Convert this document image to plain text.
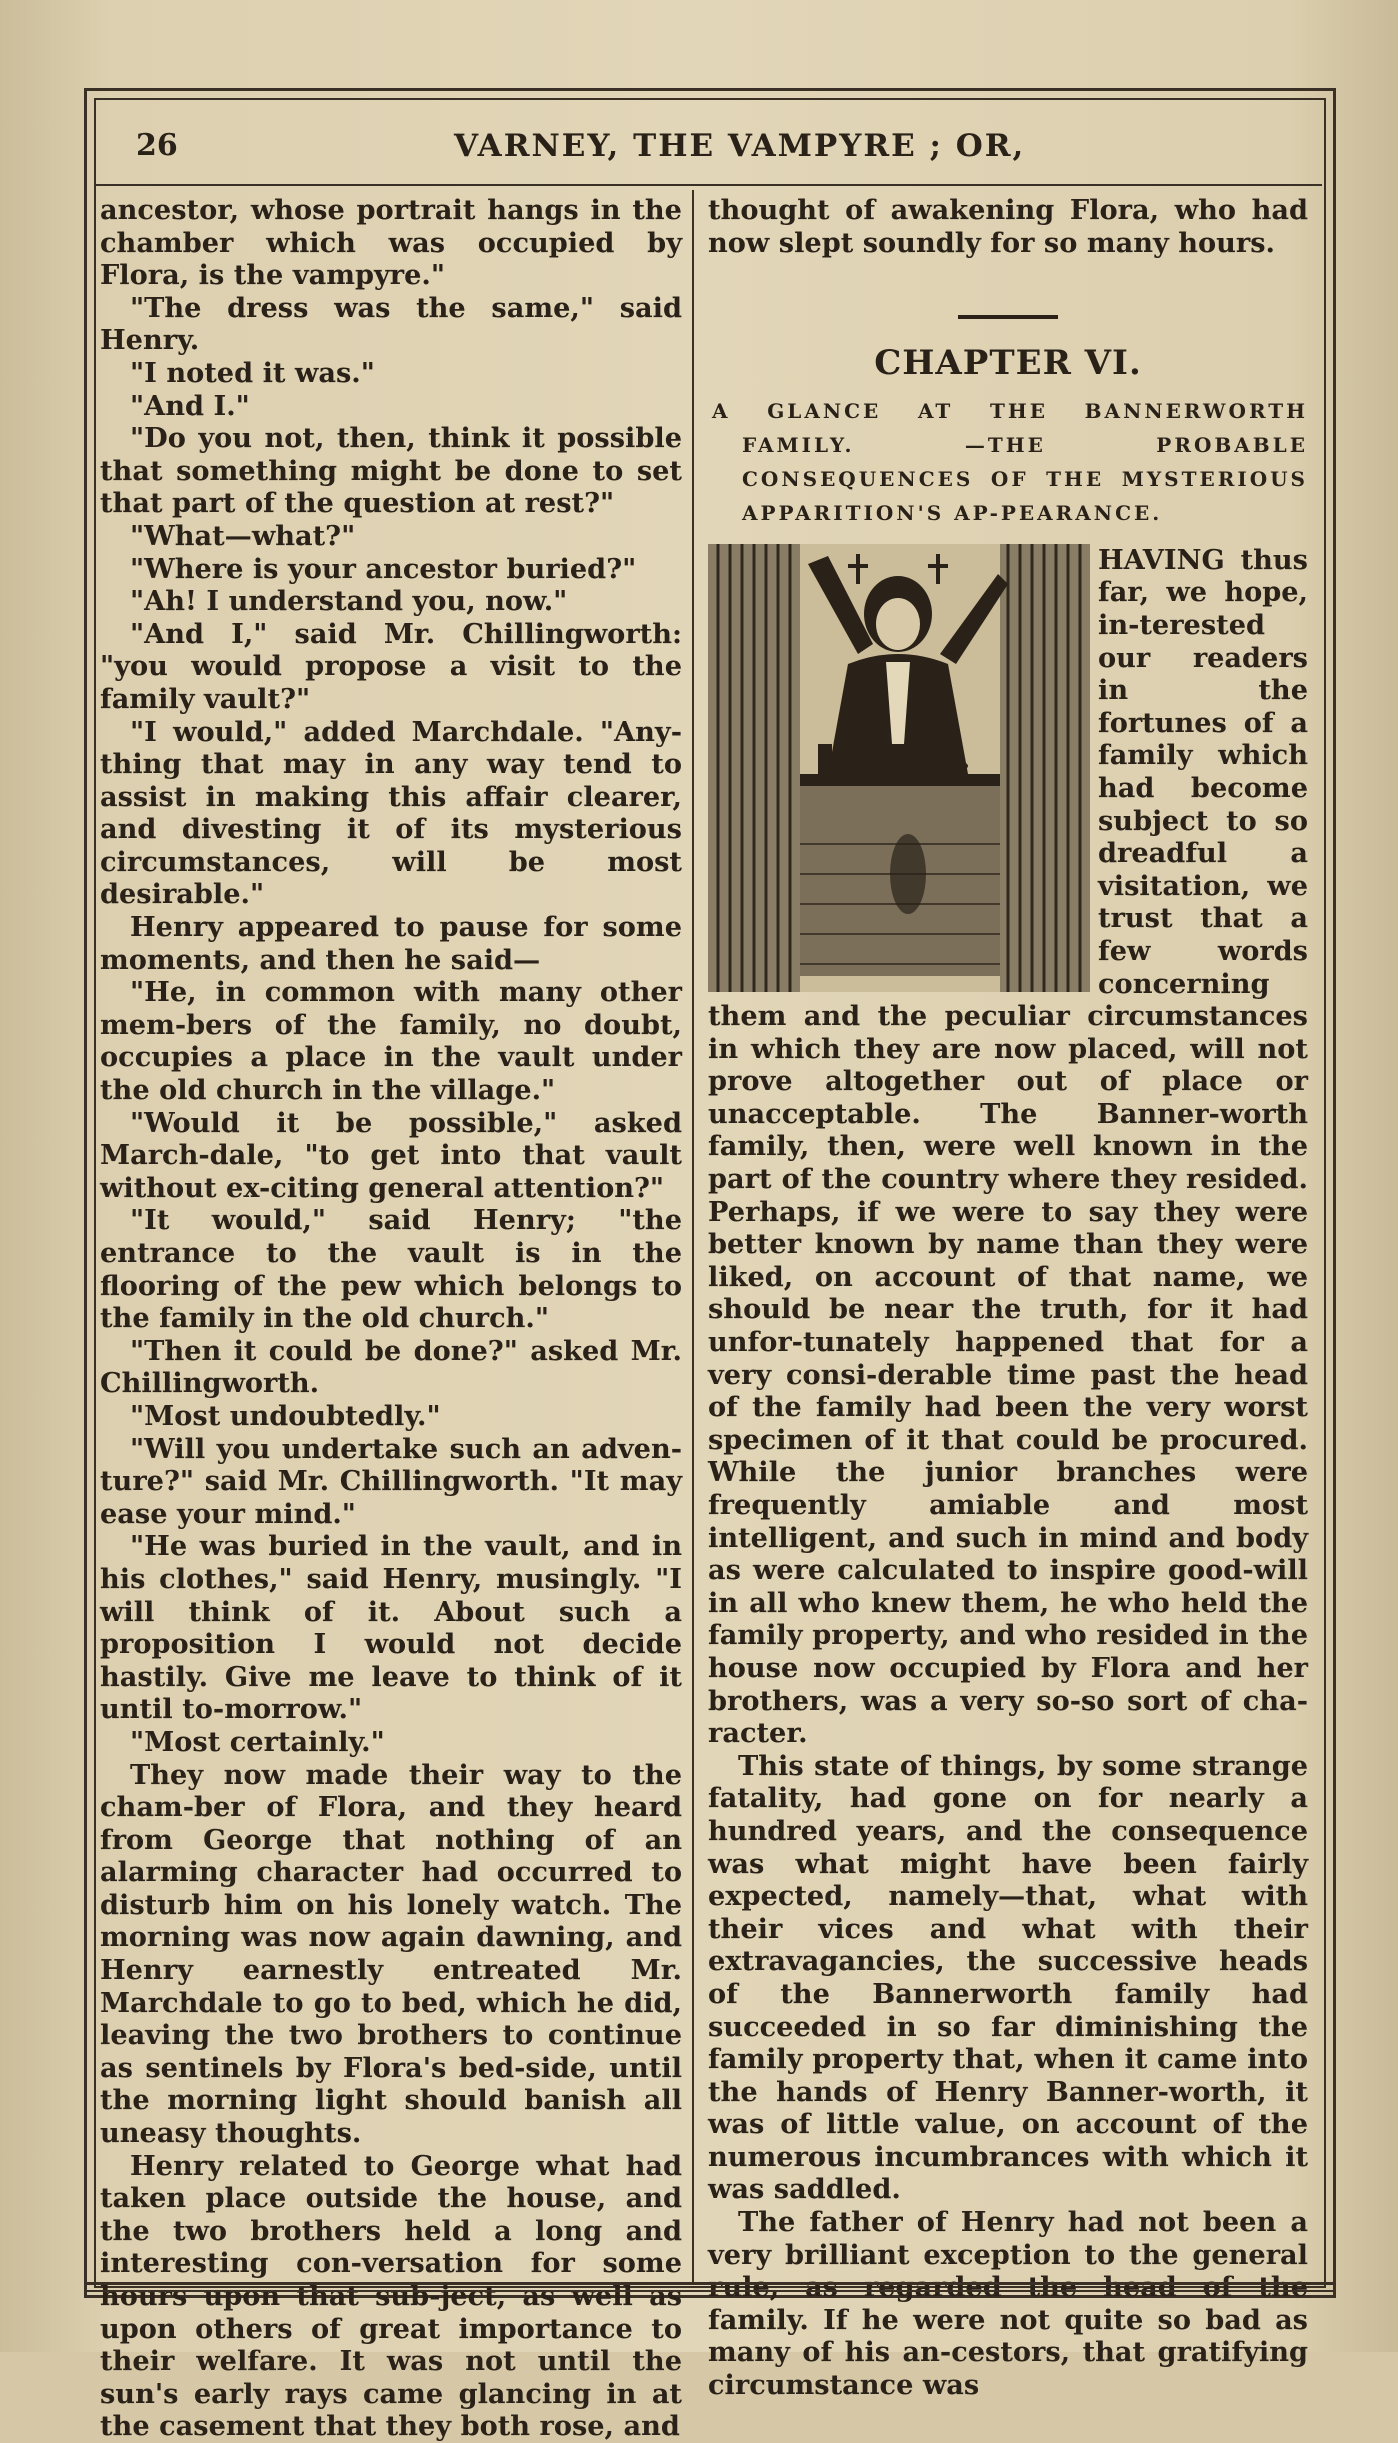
26	VARNEY, THE VAMPYRE ; OR,

ancestor, whose portrait hangs in the chamber which was occupied by Flora, is the vampyre."

"The dress was the same," said Henry.

"I noted it was."

"And I."

"Do you not, then, think it possible that something might be done to set that part of the question at rest?"

"What—what?"

"Where is your ancestor buried?"

"Ah! I understand you, now."

"And I," said Mr. Chillingworth: "you would propose a visit to the family vault?"

"I would," added Marchdale. "Any-thing that may in any way tend to assist in making this affair clearer, and divesting it of its mysterious circumstances, will be most desirable."

Henry appeared to pause for some moments, and then he said—

"He, in common with many other mem-bers of the family, no doubt, occupies a place in the vault under the old church in the village."

"Would it be possible," asked March-dale, "to get into that vault without ex-citing general attention?"

"It would," said Henry; "the entrance to the vault is in the flooring of the pew which belongs to the family in the old church."

"Then it could be done?" asked Mr. Chillingworth.

"Most undoubtedly."

"Will you undertake such an adven-ture?" said Mr. Chillingworth. "It may ease your mind."

"He was buried in the vault, and in his clothes," said Henry, musingly. "I will think of it. About such a proposition I would not decide hastily. Give me leave to think of it until to-morrow."

"Most certainly."

They now made their way to the cham-ber of Flora, and they heard from George that nothing of an alarming character had occurred to disturb him on his lonely watch. The morning was now again dawning, and Henry earnestly entreated Mr. Marchdale to go to bed, which he did, leaving the two brothers to continue as sentinels by Flora's bed-side, until the morning light should banish all uneasy thoughts.

Henry related to George what had taken place outside the house, and the two brothers held a long and interesting con-versation for some hours upon that sub-ject, as well as upon others of great importance to their welfare. It was not until the sun's early rays came glancing in at the casement that they both rose, and

thought of awakening Flora, who had now slept soundly for so many hours.

CHAPTER VI.
A GLANCE AT THE BANNERWORTH FAMILY. —THE PROBABLE CONSEQUENCES OF THE MYSTERIOUS APPARITION'S AP-PEARANCE.

HAVING thus far, we hope, in-terested our readers in the fortunes of a family which had become subject to so dreadful a visitation, we trust that a few words concerning them and the peculiar circumstances in which they are now placed, will not prove altogether out of place or unacceptable. The Banner-worth family, then, were well known in the part of the country where they resided. Perhaps, if we were to say they were better known by name than they were liked, on account of that name, we should be near the truth, for it had unfor-tunately happened that for a very consi-derable time past the head of the family had been the very worst specimen of it that could be procured. While the junior branches were frequently amiable and most intelligent, and such in mind and body as were calculated to inspire good-will in all who knew them, he who held the family property, and who resided in the house now occupied by Flora and her brothers, was a very so-so sort of cha-racter.

This state of things, by some strange fatality, had gone on for nearly a hundred years, and the consequence was what might have been fairly expected, namely—that, what with their vices and what with their extravagancies, the successive heads of the Bannerworth family had succeeded in so far diminishing the family property that, when it came into the hands of Henry Banner-worth, it was of little value, on account of the numerous incumbrances with which it was saddled.

The father of Henry had not been a very brilliant exception to the general rule, as regarded the head of the family. If he were not quite so bad as many of his an-cestors, that gratifying circumstance was
